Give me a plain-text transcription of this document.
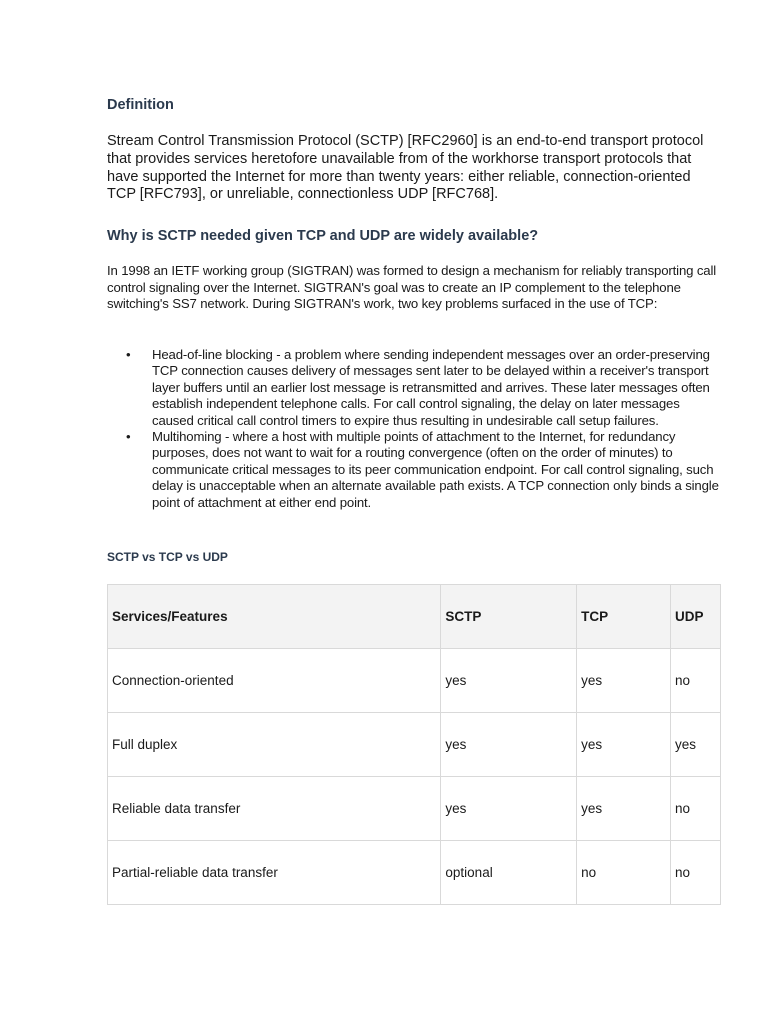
Definition

Stream Control Transmission Protocol (SCTP) [RFC2960] is an end-to-end transport protocol that provides services heretofore unavailable from of the workhorse transport protocols that have supported the Internet for more than twenty years: either reliable, connection-oriented TCP [RFC793], or unreliable, connectionless UDP [RFC768].

Why is SCTP needed given TCP and UDP are widely available?

In 1998 an IETF working group (SIGTRAN) was formed to design a mechanism for reliably transporting call control signaling over the Internet. SIGTRAN's goal was to create an IP complement to the telephone switching's SS7 network. During SIGTRAN's work, two key problems surfaced in the use of TCP:

• Head-of-line blocking - a problem where sending independent messages over an order-preserving TCP connection causes delivery of messages sent later to be delayed within a receiver's transport layer buffers until an earlier lost message is retransmitted and arrives. These later messages often establish independent telephone calls. For call control signaling, the delay on later messages caused critical call control timers to expire thus resulting in undesirable call setup failures.
• Multihoming - where a host with multiple points of attachment to the Internet, for redundancy purposes, does not want to wait for a routing convergence (often on the order of minutes) to communicate critical messages to its peer communication endpoint. For call control signaling, such delay is unacceptable when an alternate available path exists. A TCP connection only binds a single point of attachment at either end point.
SCTP vs TCP vs UDP
Services/Features	SCTP	TCP	UDP
Connection-oriented	yes	yes	no
Full duplex	yes	yes	yes
Reliable data transfer	yes	yes	no
Partial-reliable data transfer	optional	no	no
